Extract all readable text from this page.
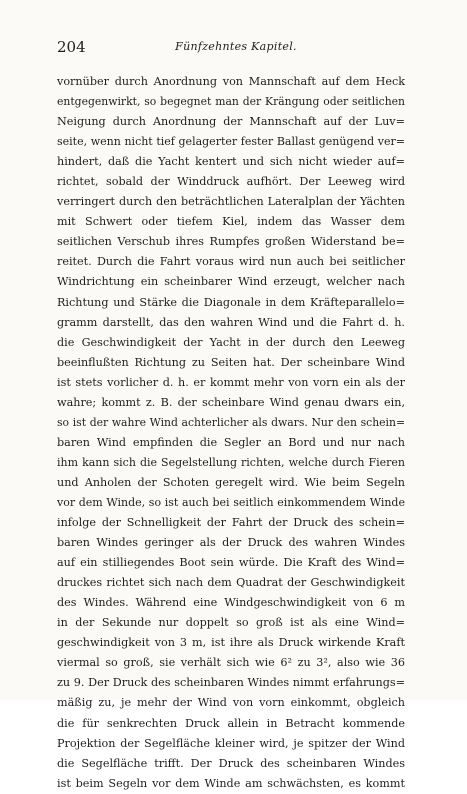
204	Fünfzehntes Kapitel.
vornüber durch Anordnung von Mannschaft auf dem Heck
entgegenwirkt, so begegnet man der Krängung oder seitlichen
Neigung durch Anordnung der Mannschaft auf der Luv=
seite, wenn nicht tief gelagerter fester Ballast genügend ver=
hindert, daß die Yacht kentert und sich nicht wieder auf=
richtet, sobald der Winddruck aufhört. Der Leeweg wird
verringert durch den beträchtlichen Lateralplan der Yächten
mit Schwert oder tiefem Kiel, indem das Wasser dem
seitlichen Verschub ihres Rumpfes großen Widerstand be=
reitet. Durch die Fahrt voraus wird nun auch bei seitlicher
Windrichtung ein scheinbarer Wind erzeugt, welcher nach
Richtung und Stärke die Diagonale in dem Kräfteparallelo=
gramm darstellt, das den wahren Wind und die Fahrt d. h.
die Geschwindigkeit der Yacht in der durch den Leeweg
beeinflußten Richtung zu Seiten hat. Der scheinbare Wind
ist stets vorlicher d. h. er kommt mehr von vorn ein als der
wahre; kommt z. B. der scheinbare Wind genau dwars ein,
so ist der wahre Wind achterlicher als dwars. Nur den schein=
baren Wind empfinden die Segler an Bord und nur nach
ihm kann sich die Segelstellung richten, welche durch Fieren
und Anholen der Schoten geregelt wird. Wie beim Segeln
vor dem Winde, so ist auch bei seitlich einkommendem Winde
infolge der Schnelligkeit der Fahrt der Druck des schein=
baren Windes geringer als der Druck des wahren Windes
auf ein stilliegendes Boot sein würde. Die Kraft des Wind=
druckes richtet sich nach dem Quadrat der Geschwindigkeit
des Windes. Während eine Windgeschwindigkeit von 6 m
in der Sekunde nur doppelt so groß ist als eine Wind=
geschwindigkeit von 3 m, ist ihre als Druck wirkende Kraft
viermal so groß, sie verhält sich wie 6² zu 3², also wie 36
zu 9. Der Druck des scheinbaren Windes nimmt erfahrungs=
mäßig zu, je mehr der Wind von vorn einkommt, obgleich
die für senkrechten Druck allein in Betracht kommende
Projektion der Segelfläche kleiner wird, je spitzer der Wind
die Segelfläche trifft. Der Druck des scheinbaren Windes
ist beim Segeln vor dem Winde am schwächsten, es kommt
